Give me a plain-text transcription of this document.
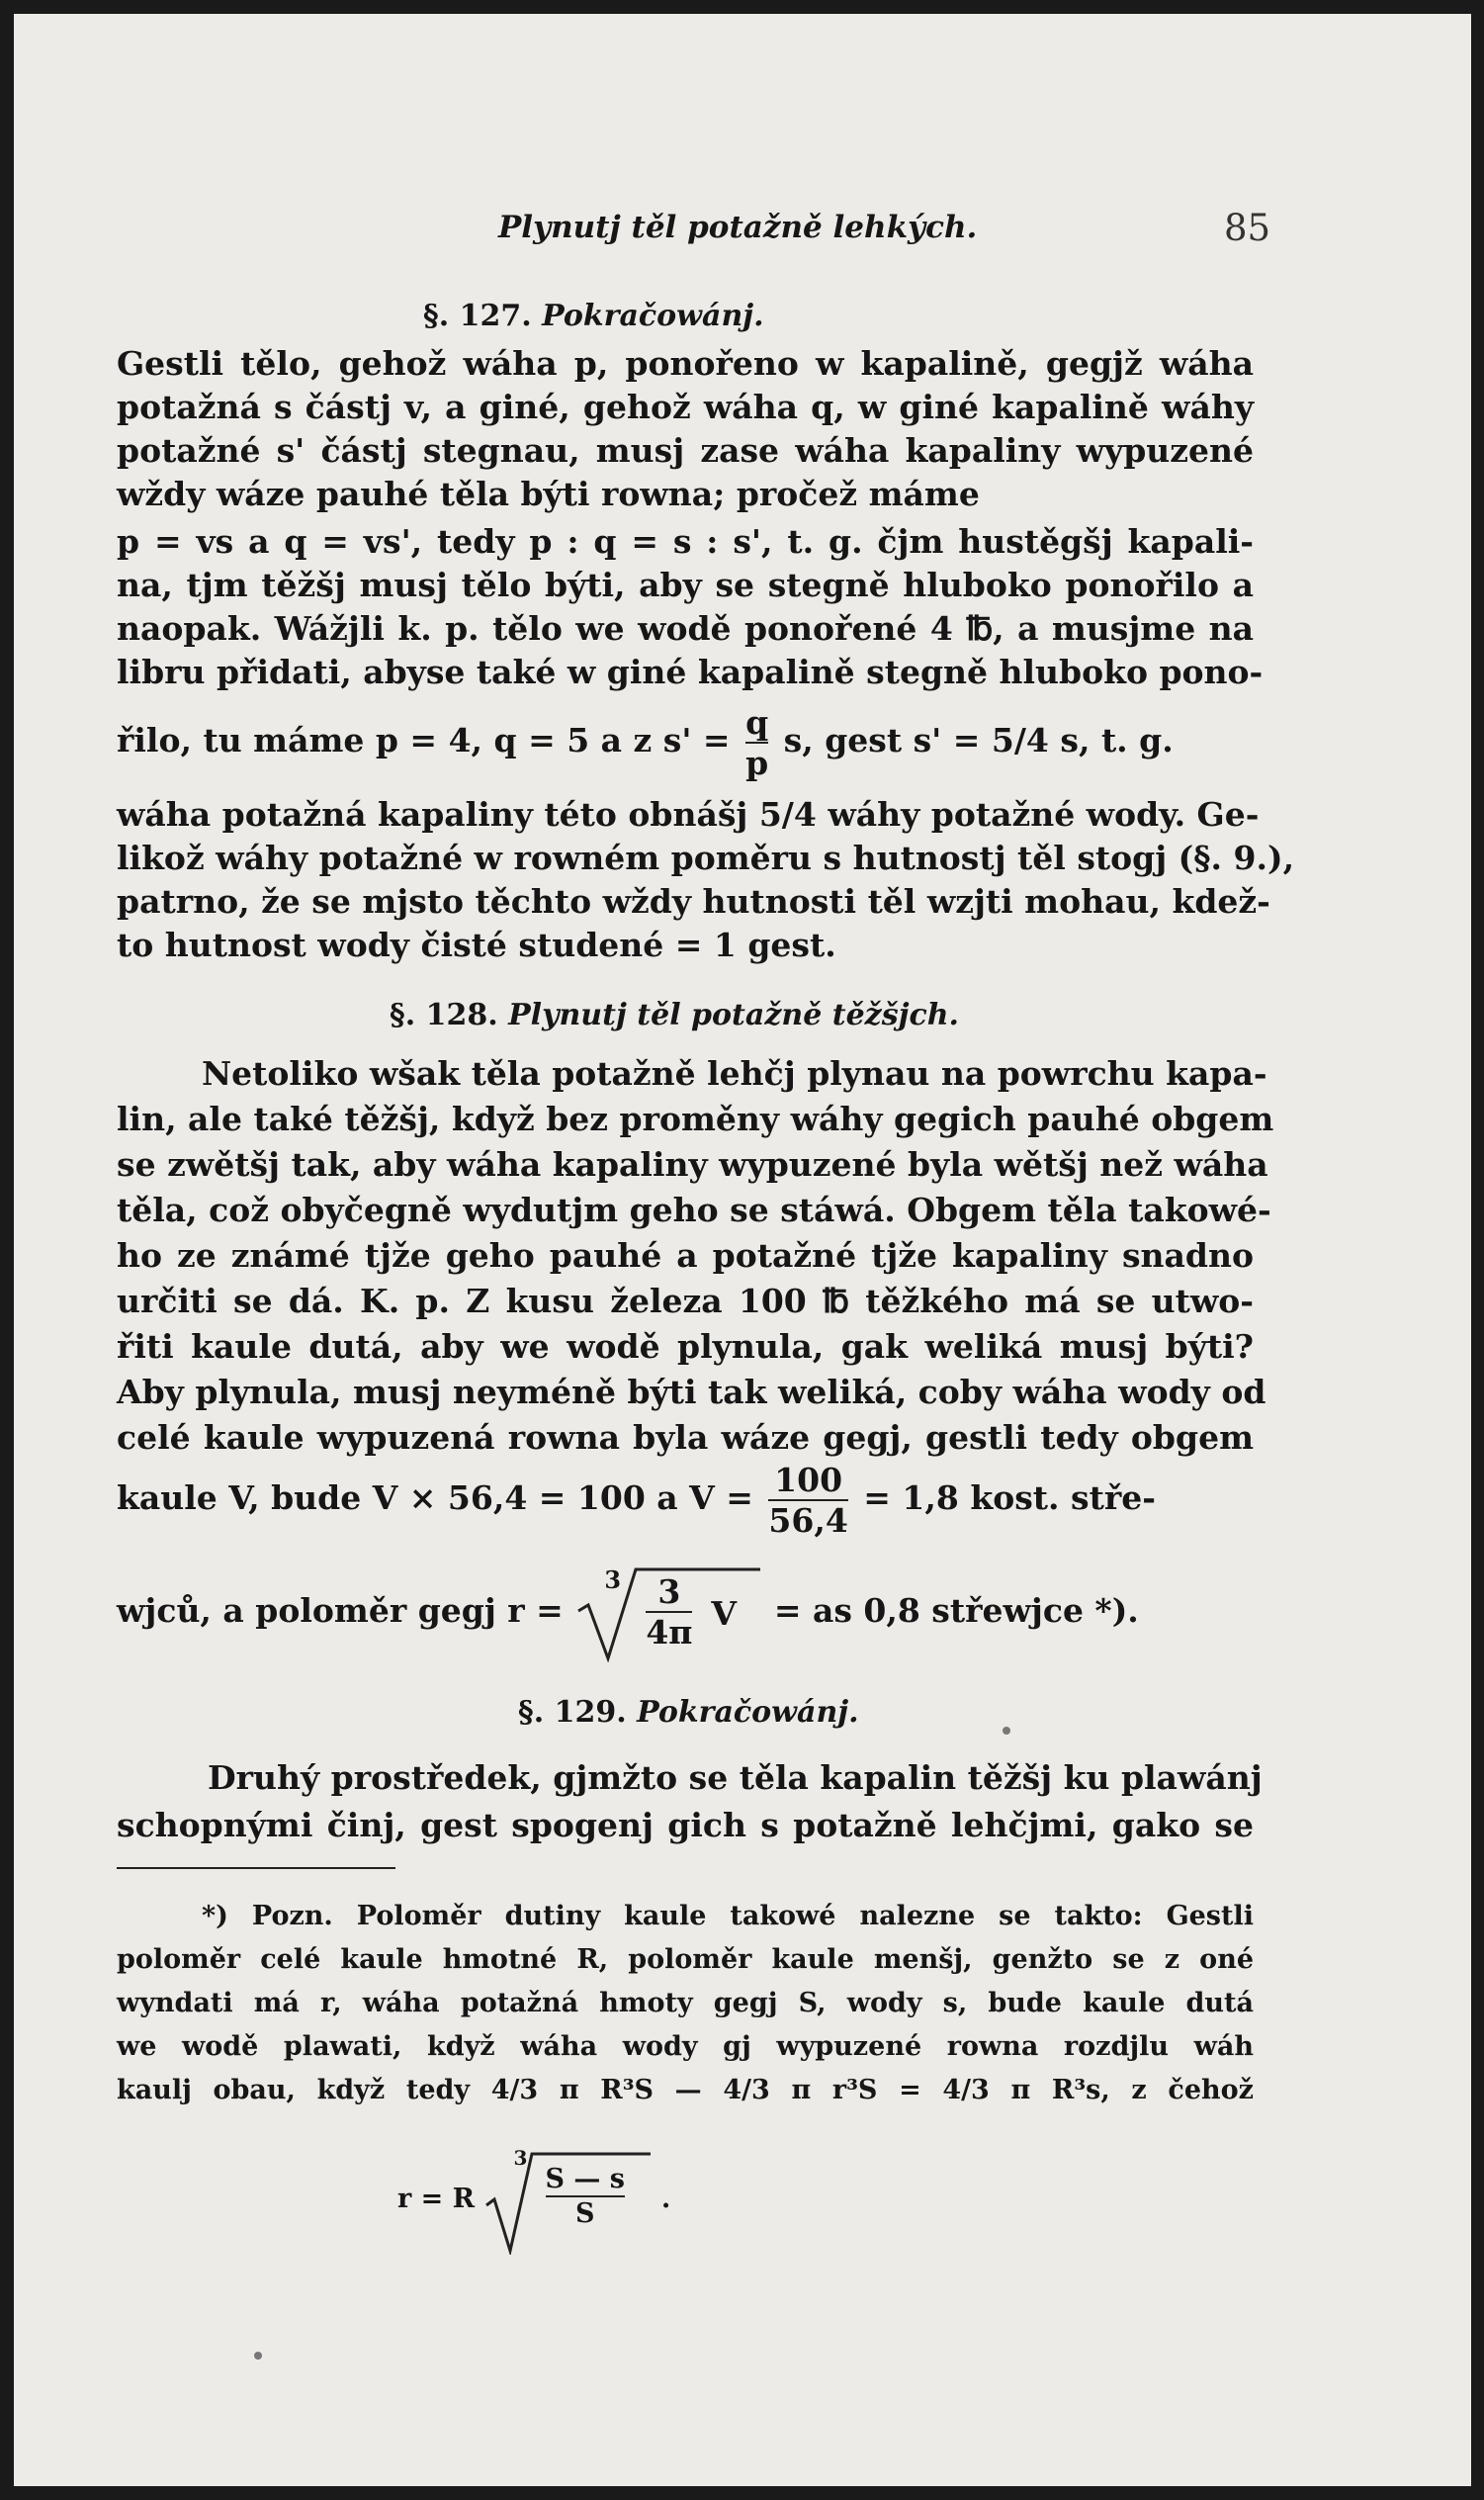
Plynutj těl potažně lehkých.	85
§. 127. Pokračowánj.
Gestli tělo, gehož wáha p, ponořeno w kapalině, gegjž wáha
potažná s částj v, a giné, gehož wáha q, w giné kapalině wáhy
potažné s' částj stegnau, musj zase wáha kapaliny wypuzené
wždy wáze pauhé těla býti rowna; pročež máme
p = vs a q = vs', tedy p : q = s : s', t. g. čjm hustěgšj kapali-
na, tjm těžšj musj tělo býti, aby se stegně hluboko ponořilo a
naopak. Wážjli k. p. tělo we wodě ponořené 4 ℔, a musjme na
libru přidati, abyse také w giné kapalině stegně hluboko pono-
řilo, tu máme p = 4, q = 5 a z $s' = \frac{q}{p} s$, gest s' = 5/4 s, t. g.
wáha potažná kapaliny této obnášj 5/4 wáhy potažné wody. Ge-
likož wáhy potažné w rowném poměru s hutnostj těl stogj (§. 9.),
patrno, že se mjsto těchto wždy hutnosti těl wzjti mohau, kdež-
to hutnost wody čisté studené = 1 gest.
§. 128. Plynutj těl potažně těžšjch.
Netoliko wšak těla potažně lehčj plynau na powrchu kapa-
lin, ale také těžšj, když bez proměny wáhy gegich pauhé obgem
se zwětšj tak, aby wáha kapaliny wypuzené byla wětšj než wáha
těla, což obyčegně wydutjm geho se stáwá. Obgem těla takowé-
ho ze známé tjže geho pauhé a potažné tjže kapaliny snadno
určiti se dá. K. p. Z kusu železa 100 ℔ těžkého má se utwo-
řiti kaule dutá, aby we wodě plynula, gak weliká musj býti?
Aby plynula, musj neyméně býti tak weliká, coby wáha wody od
celé kaule wypuzená rowna byla wáze gegj, gestli tedy obgem
kaule V, bude V × 56,4 = 100 a $V = \frac{100}{56,4} = 1,8$ kost. stře-
wjců, a poloměr gegj r =
3	3
4π V = as 0,8 střewjce *).
§. 129. Pokračowánj.
Druhý prostředek, gjmžto se těla kapalin těžšj ku plawánj
schopnými činj, gest spogenj gich s potažně lehčjmi, gako se
*) Pozn. Poloměr dutiny kaule takowé nalezne se takto: Gestli
poloměr celé kaule hmotné R, poloměr kaule menšj, genžto se z oné
wyndati má r, wáha potažná hmoty gegj S, wody s, bude kaule dutá
we wodě plawati, když wáha wody gj wypuzené rowna rozdjlu wáh
kaulj obau, když tedy 4/3 π R³S — 4/3 π r³S = 4/3 π R³s, z čehož
r = R
3
S — s
S	.
